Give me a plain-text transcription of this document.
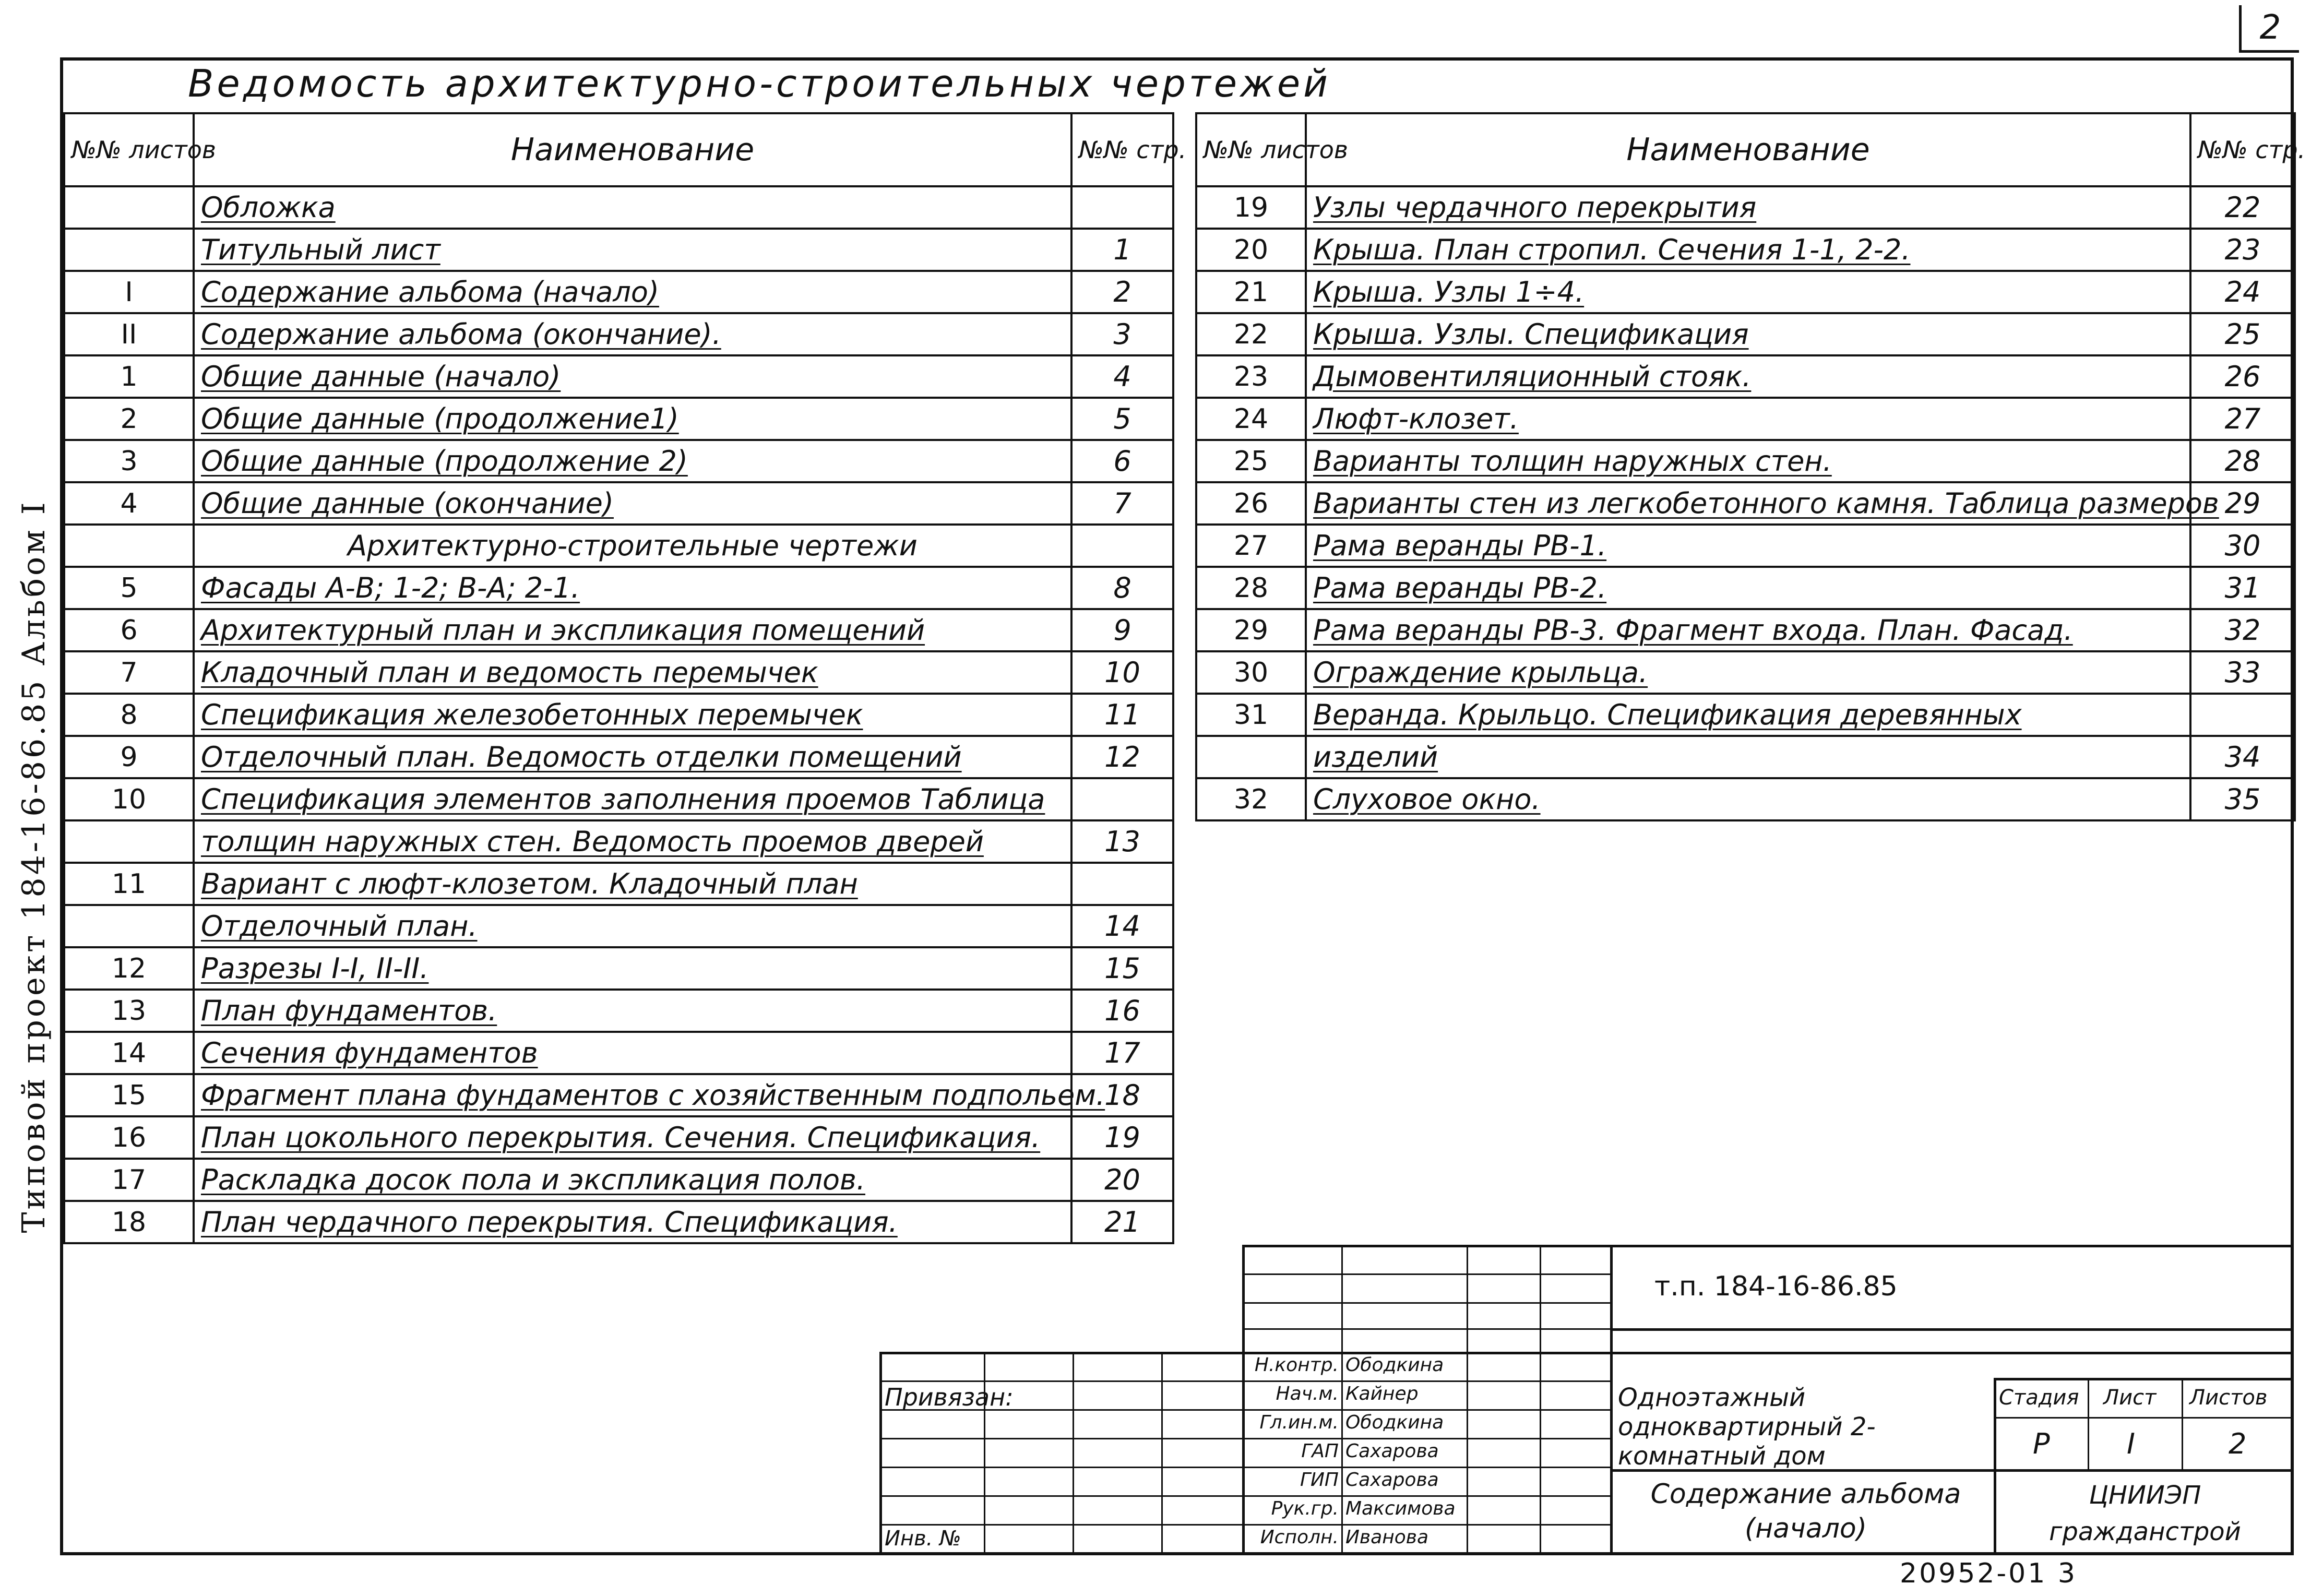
2
Типовой проект 184-16-86.85 Альбом I
Ведомость архитектурно-строительных чертежей
№№ листов	Наименование	№№ стр.
	Обложка	
	Титульный лист	1
I	Содержание альбома (начало)	2
II	Содержание альбома (окончание).	3
1	Общие данные (начало)	4
2	Общие данные (продолжение1)	5
3	Общие данные (продолжение 2)	6
4	Общие данные (окончание)	7
	Архитектурно-строительные чертежи	
5	Фасады А-В; 1-2; В-А; 2-1.	8
6	Архитектурный план и экспликация помещений	9
7	Кладочный план и ведомость перемычек	10
8	Спецификация железобетонных перемычек	11
9	Отделочный план. Ведомость отделки помещений	12
10	Спецификация элементов заполнения проемов Таблица	
	толщин наружных стен. Ведомость проемов дверей	13
11	Вариант с люфт-клозетом. Кладочный план	
	Отделочный план.	14
12	Разрезы I-I, II-II.	15
13	План фундаментов.	16
14	Сечения фундаментов	17
15	Фрагмент плана фундаментов с хозяйственным подпольем.	18
16	План цокольного перекрытия. Сечения. Спецификация.	19
17	Раскладка досок пола и экспликация полов.	20
18	План чердачного перекрытия. Спецификация.	21
№№ листов	Наименование	№№ стр.
19	Узлы чердачного перекрытия	22
20	Крыша. План стропил. Сечения 1-1, 2-2.	23
21	Крыша. Узлы 1÷4.	24
22	Крыша. Узлы. Спецификация	25
23	Дымовентиляционный стояк.	26
24	Люфт-клозет.	27
25	Варианты толщин наружных стен.	28
26	Варианты стен из легкобетонного камня. Таблица размеров	29
27	Рама веранды РВ-1.	30
28	Рама веранды РВ-2.	31
29	Рама веранды РВ-3. Фрагмент входа. План. Фасад.	32
30	Ограждение крыльца.	33
31	Веранда. Крыльцо. Спецификация деревянных	
	изделий	34
32	Слуховое окно.	35
т.п. 184-16-86.85
Привязан:
Инв. №
Н.контр. Ободкина
Нач.м. Кайнер
Гл.ин.м. Ободкина
ГАП Сахарова
ГИП Сахарова
Рук.гр. Максимова
Исполн. Иванова
Одноэтажный одноквартирный 2-комнатный дом
Содержание альбома (начало)
Стадия Лист Листов
Р	I	2
ЦНИИЭП гражданстрой
20952-01 3
